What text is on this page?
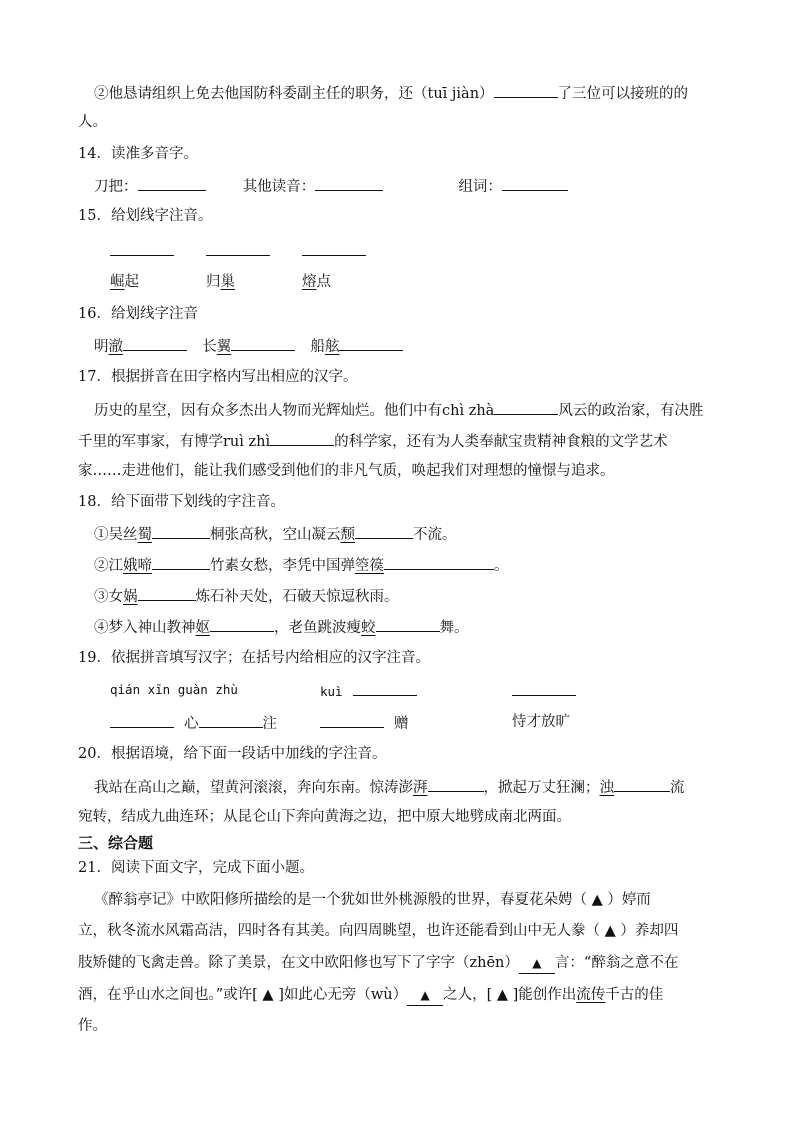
②他恳请组织上免去他国防科委副主任的职务，还（tuī jiàn）	了三位可以接班的的
人。
14．读准多音字。
刀把：	其他读音：	组词：
15．给划线字注音。
崛起	归巢	熔点
16．给划线字注音
明澈	长翼	船舷
17．根据拼音在田字格内写出相应的汉字。
历史的星空，因有众多杰出人物而光辉灿烂。他们中有chì zhà	风云的政治家，有决胜
千里的军事家，有博学ruì zhì	的科学家，还有为人类奉献宝贵精神食粮的文学艺术
家……走进他们，能让我们感受到他们的非凡气质，唤起我们对理想的憧憬与追求。
18．给下面带下划线的字注音。
①吴丝蜀	桐张高秋，空山凝云颓	不流。
②江娥啼	竹素女愁，李凭中国弹箜篌	。
③女娲	炼石补天处，石破天惊逗秋雨。
④梦入神山教神妪	，老鱼跳波瘦蛟	舞。
19．依据拼音填写汉字；在括号内给相应的汉字注音。
qián xīn guàn zhù	kuì
心	注	赠	恃才放旷
20．根据语境，给下面一段话中加线的字注音。
我站在高山之巅，望黄河滚滚，奔向东南。惊涛澎湃	，掀起万丈狂澜；浊	流
宛转，结成九曲连环；从昆仑山下奔向黄海之边，把中原大地劈成南北两面。
三、综合题
21．阅读下面文字，完成下面小题。
《醉翁亭记》中欧阳修所描绘的是一个犹如世外桃源般的世界，春夏花朵娉（ ▲ ）婷而
立，秋冬流水风霜高洁，四时各有其美。向四周眺望，也许还能看到山中无人豢（ ▲ ）养却四
肢矫健的飞禽走兽。除了美景，在文中欧阳修也写下了字字（zhēn） ▲ 言：“醉翁之意不在
酒，在乎山水之间也。”或许[ ▲ ]如此心无旁（wù） ▲ 之人，[ ▲ ]能创作出流传千古的佳
作。
